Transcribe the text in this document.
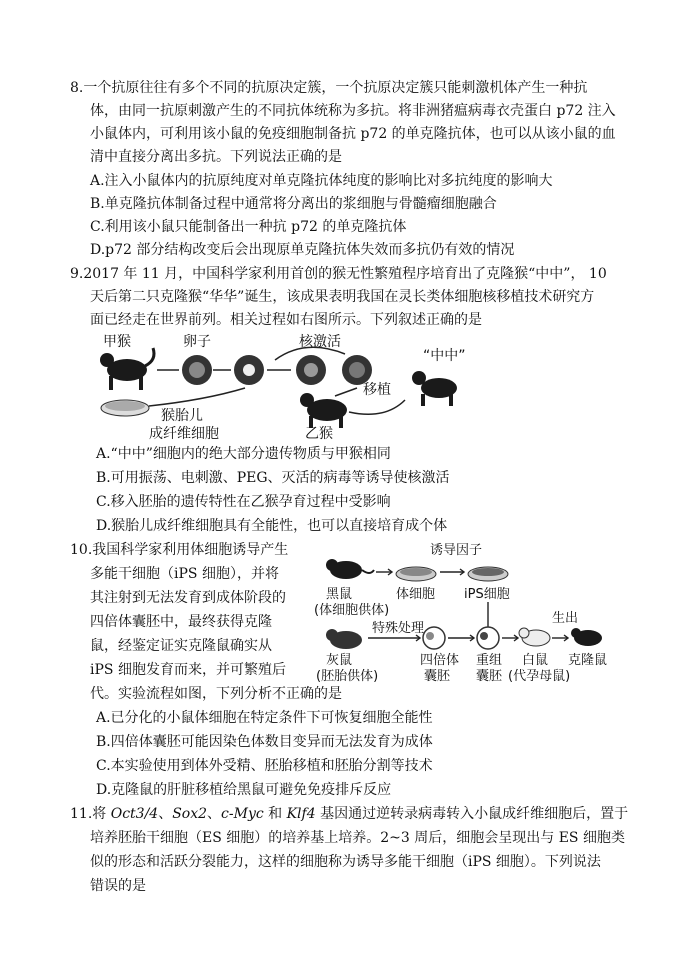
8.一个抗原往往有多个不同的抗原决定簇，一个抗原决定簇只能刺激机体产生一种抗
体，由同一抗原刺激产生的不同抗体统称为多抗。将非洲猪瘟病毒衣壳蛋白 p72 注入
小鼠体内，可利用该小鼠的免疫细胞制备抗 p72 的单克隆抗体，也可以从该小鼠的血
清中直接分离出多抗。下列说法正确的是
A.注入小鼠体内的抗原纯度对单克隆抗体纯度的影响比对多抗纯度的影响大
B.单克隆抗体制备过程中通常将分离出的浆细胞与骨髓瘤细胞融合
C.利用该小鼠只能制备出一种抗 p72 的单克隆抗体
D.p72 部分结构改变后会出现原单克隆抗体失效而多抗仍有效的情况
9.2017 年 11 月，中国科学家利用首创的猴无性繁殖程序培育出了克隆猴“中中”， 10
天后第二只克隆猴“华华”诞生，该成果表明我国在灵长类体细胞核移植技术研究方
面已经走在世界前列。相关过程如右图所示。下列叙述正确的是
甲猴	卵子	核激活
猴胎儿
成纤维细胞	乙猴
移植
“中中”
A.“中中”细胞内的绝大部分遗传物质与甲猴相同
B.可用振荡、电刺激、PEG、灭活的病毒等诱导使核激活
C.移入胚胎的遗传特性在乙猴孕育过程中受影响
D.猴胎儿成纤维细胞具有全能性，也可以直接培育成个体
10.我国科学家利用体细胞诱导产生
多能干细胞（iPS 细胞），并将
其注射到无法发育到成体阶段的
四倍体囊胚中，最终获得克隆
鼠，经鉴定证实克隆鼠确实从
iPS 细胞发育而来，并可繁殖后
代。实验流程如图，下列分析不正确的是
黑鼠
(体细胞供体)
体细胞
诱导因子
iPS细胞
灰鼠
(胚胎供体)
特殊处理
四倍体
囊胚
重组
囊胚
白鼠
(代孕母鼠)
生出
克隆鼠
A.已分化的小鼠体细胞在特定条件下可恢复细胞全能性
B.四倍体囊胚可能因染色体数目变异而无法发育为成体
C.本实验使用到体外受精、胚胎移植和胚胎分割等技术
D.克隆鼠的肝脏移植给黑鼠可避免免疫排斥反应
11.将 Oct3/4、Sox2、c-Myc 和 Klf4 基因通过逆转录病毒转入小鼠成纤维细胞后，置于
培养胚胎干细胞（ES 细胞）的培养基上培养。2~3 周后，细胞会呈现出与 ES 细胞类
似的形态和活跃分裂能力，这样的细胞称为诱导多能干细胞（iPS 细胞）。下列说法
错误的是
